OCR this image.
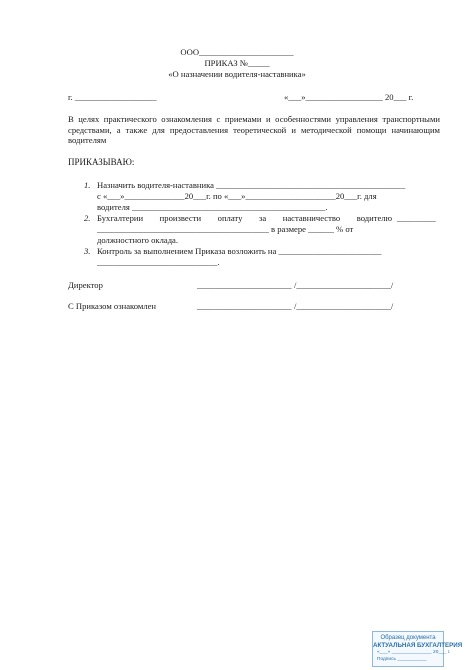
ООО______________________
ПРИКАЗ №_____
«О назначении водителя-наставника»
г. ___________________	«___»__________________ 20___ г.
В целях практического ознакомления с приемами и особенностями управления транспортными средствами, а также для предоставления теоретической и методической помощи начинающим водителям
ПРИКАЗЫВАЮ:
1. Назначить водителя-наставника ____________________________________________
с «___»______________20___г. по «___»_____________________20___г. для
водителя _____________________________________________.
2. Бухгалтерии произвести оплату за наставничество водителю _________
________________________________________ в размере ______ % от
должностного оклада.
3. Контроль за выполнением Приказа возложить на ________________________
____________________________.
Директор	______________________ /______________________/
С Приказом ознакомлен	______________________ /______________________/
Образец документа
АКТУАЛЬНАЯ БУХГАЛТЕРИЯ
«___» _______________ 20___ г.
Подпись ___________
